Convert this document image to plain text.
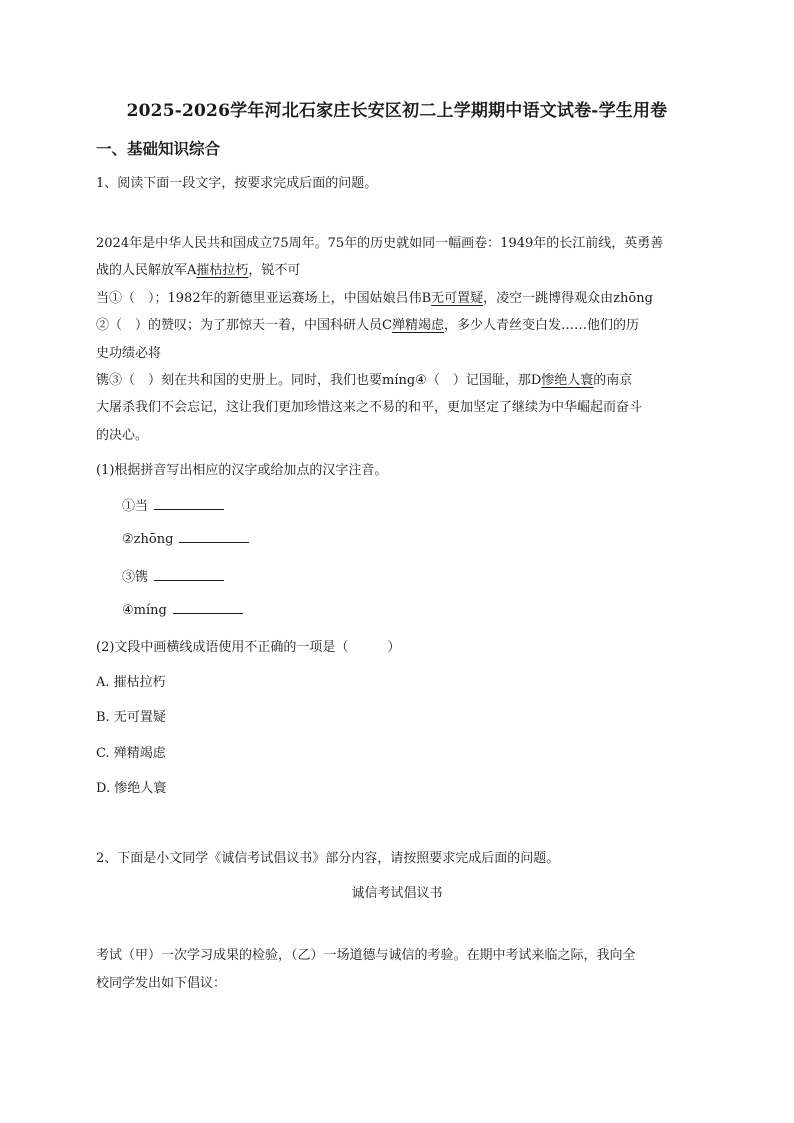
2025-2026学年河北石家庄长安区初二上学期期中语文试卷-学生用卷
一、基础知识综合
1、阅读下面一段文字，按要求完成后面的问题。
2024年是中华人民共和国成立75周年。75年的历史就如同一幅画卷：1949年的长江前线，英勇善
战的人民解放军A摧枯拉朽，锐不可
当①（　）；1982年的新德里亚运赛场上，中国姑娘吕伟B无可置疑，凌空一跳博得观众由zhōng
②（　）的赞叹；为了那惊天一着，中国科研人员C殚精竭虑，多少人青丝变白发……他们的历
史功绩必将
镌③（　）刻在共和国的史册上。同时，我们也要míng④（　）记国耻，那D惨绝人寰的南京
大屠杀我们不会忘记，这让我们更加珍惜这来之不易的和平，更加坚定了继续为中华崛起而奋斗
的决心。
(1)根据拼音写出相应的汉字或给加点的汉字注音。
①当
②zhōng
③镌
④míng
(2)文段中画横线成语使用不正确的一项是（　　　）
A. 摧枯拉朽
B. 无可置疑
C. 殚精竭虑
D. 惨绝人寰
2、下面是小文同学《诚信考试倡议书》部分内容，请按照要求完成后面的问题。
诚信考试倡议书
考试（甲）一次学习成果的检验，（乙）一场道德与诚信的考验。在期中考试来临之际，我向全
校同学发出如下倡议：
